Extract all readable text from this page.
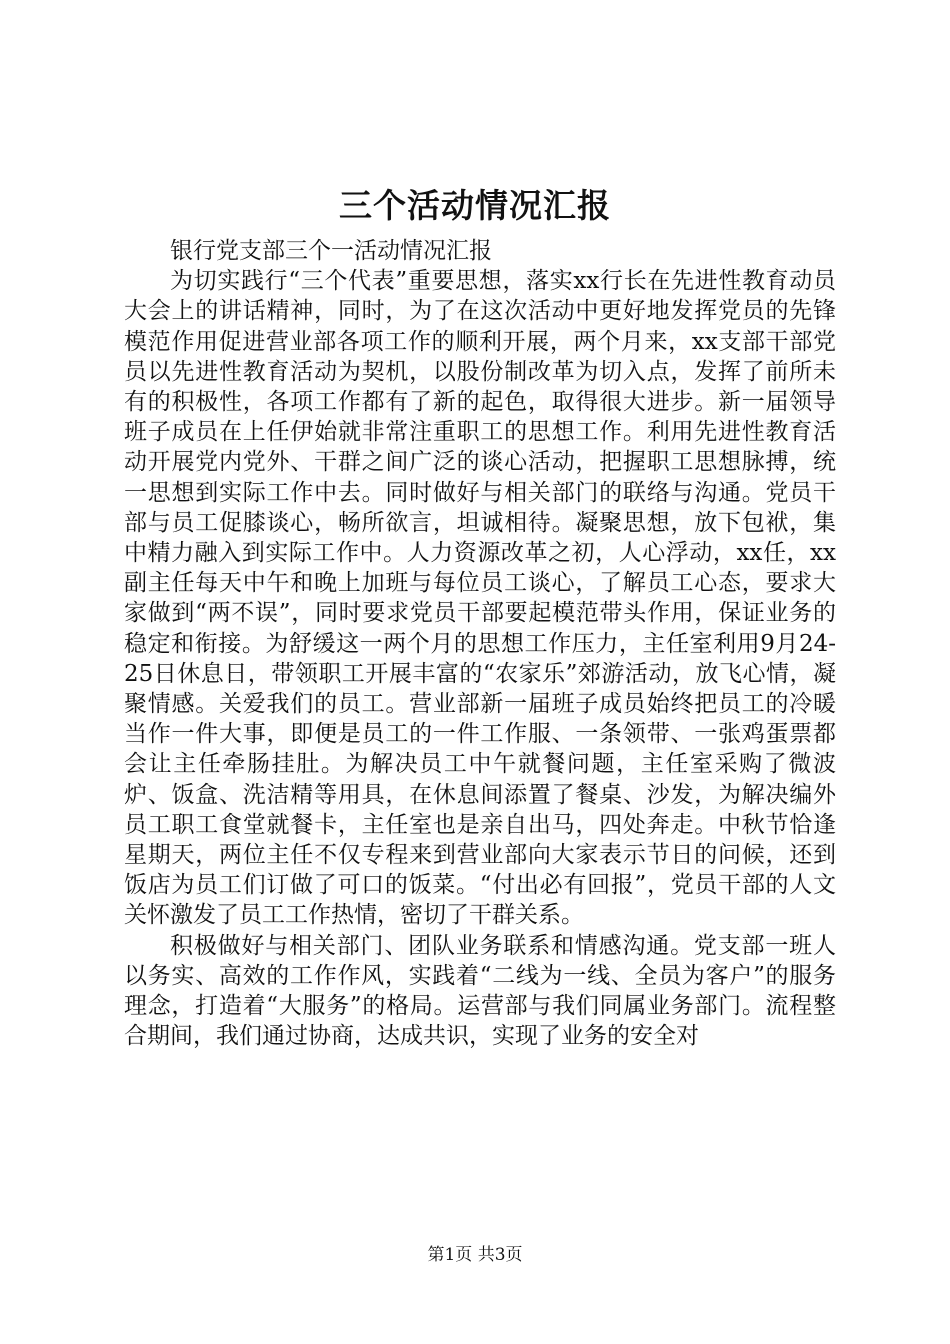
三个活动情况汇报

银行党支部三个一活动情况汇报

为切实践行“三个代表”重要思想，落实xx行长在先进性教育动员大会上的讲话精神，同时，为了在这次活动中更好地发挥党员的先锋模范作用促进营业部各项工作的顺利开展，两个月来，xx支部干部党员以先进性教育活动为契机，以股份制改革为切入点，发挥了前所未有的积极性，各项工作都有了新的起色，取得很大进步。新一届领导班子成员在上任伊始就非常注重职工的思想工作。利用先进性教育活动开展党内党外、干群之间广泛的谈心活动，把握职工思想脉搏，统一思想到实际工作中去。同时做好与相关部门的联络与沟通。党员干部与员工促膝谈心，畅所欲言，坦诚相待。凝聚思想，放下包袱，集中精力融入到实际工作中。人力资源改革之初，人心浮动，xx任，xx副主任每天中午和晚上加班与每位员工谈心，了解员工心态，要求大家做到“两不误”，同时要求党员干部要起模范带头作用，保证业务的稳定和衔接。为舒缓这一两个月的思想工作压力，主任室利用9月24-25日休息日，带领职工开展丰富的“农家乐”郊游活动，放飞心情，凝聚情感。关爱我们的员工。营业部新一届班子成员始终把员工的冷暖当作一件大事，即便是员工的一件工作服、一条领带、一张鸡蛋票都会让主任牵肠挂肚。为解决员工中午就餐问题，主任室采购了微波炉、饭盒、洗洁精等用具，在休息间添置了餐桌、沙发，为解决编外员工职工食堂就餐卡，主任室也是亲自出马，四处奔走。中秋节恰逢星期天，两位主任不仅专程来到营业部向大家表示节日的问候，还到饭店为员工们订做了可口的饭菜。“付出必有回报”，党员干部的人文关怀激发了员工工作热情，密切了干群关系。

积极做好与相关部门、团队业务联系和情感沟通。党支部一班人以务实、高效的工作作风，实践着“二线为一线、全员为客户”的服务理念，打造着“大服务”的格局。运营部与我们同属业务部门。流程整合期间，我们通过协商，达成共识，实现了业务的安全对

第1页 共3页
